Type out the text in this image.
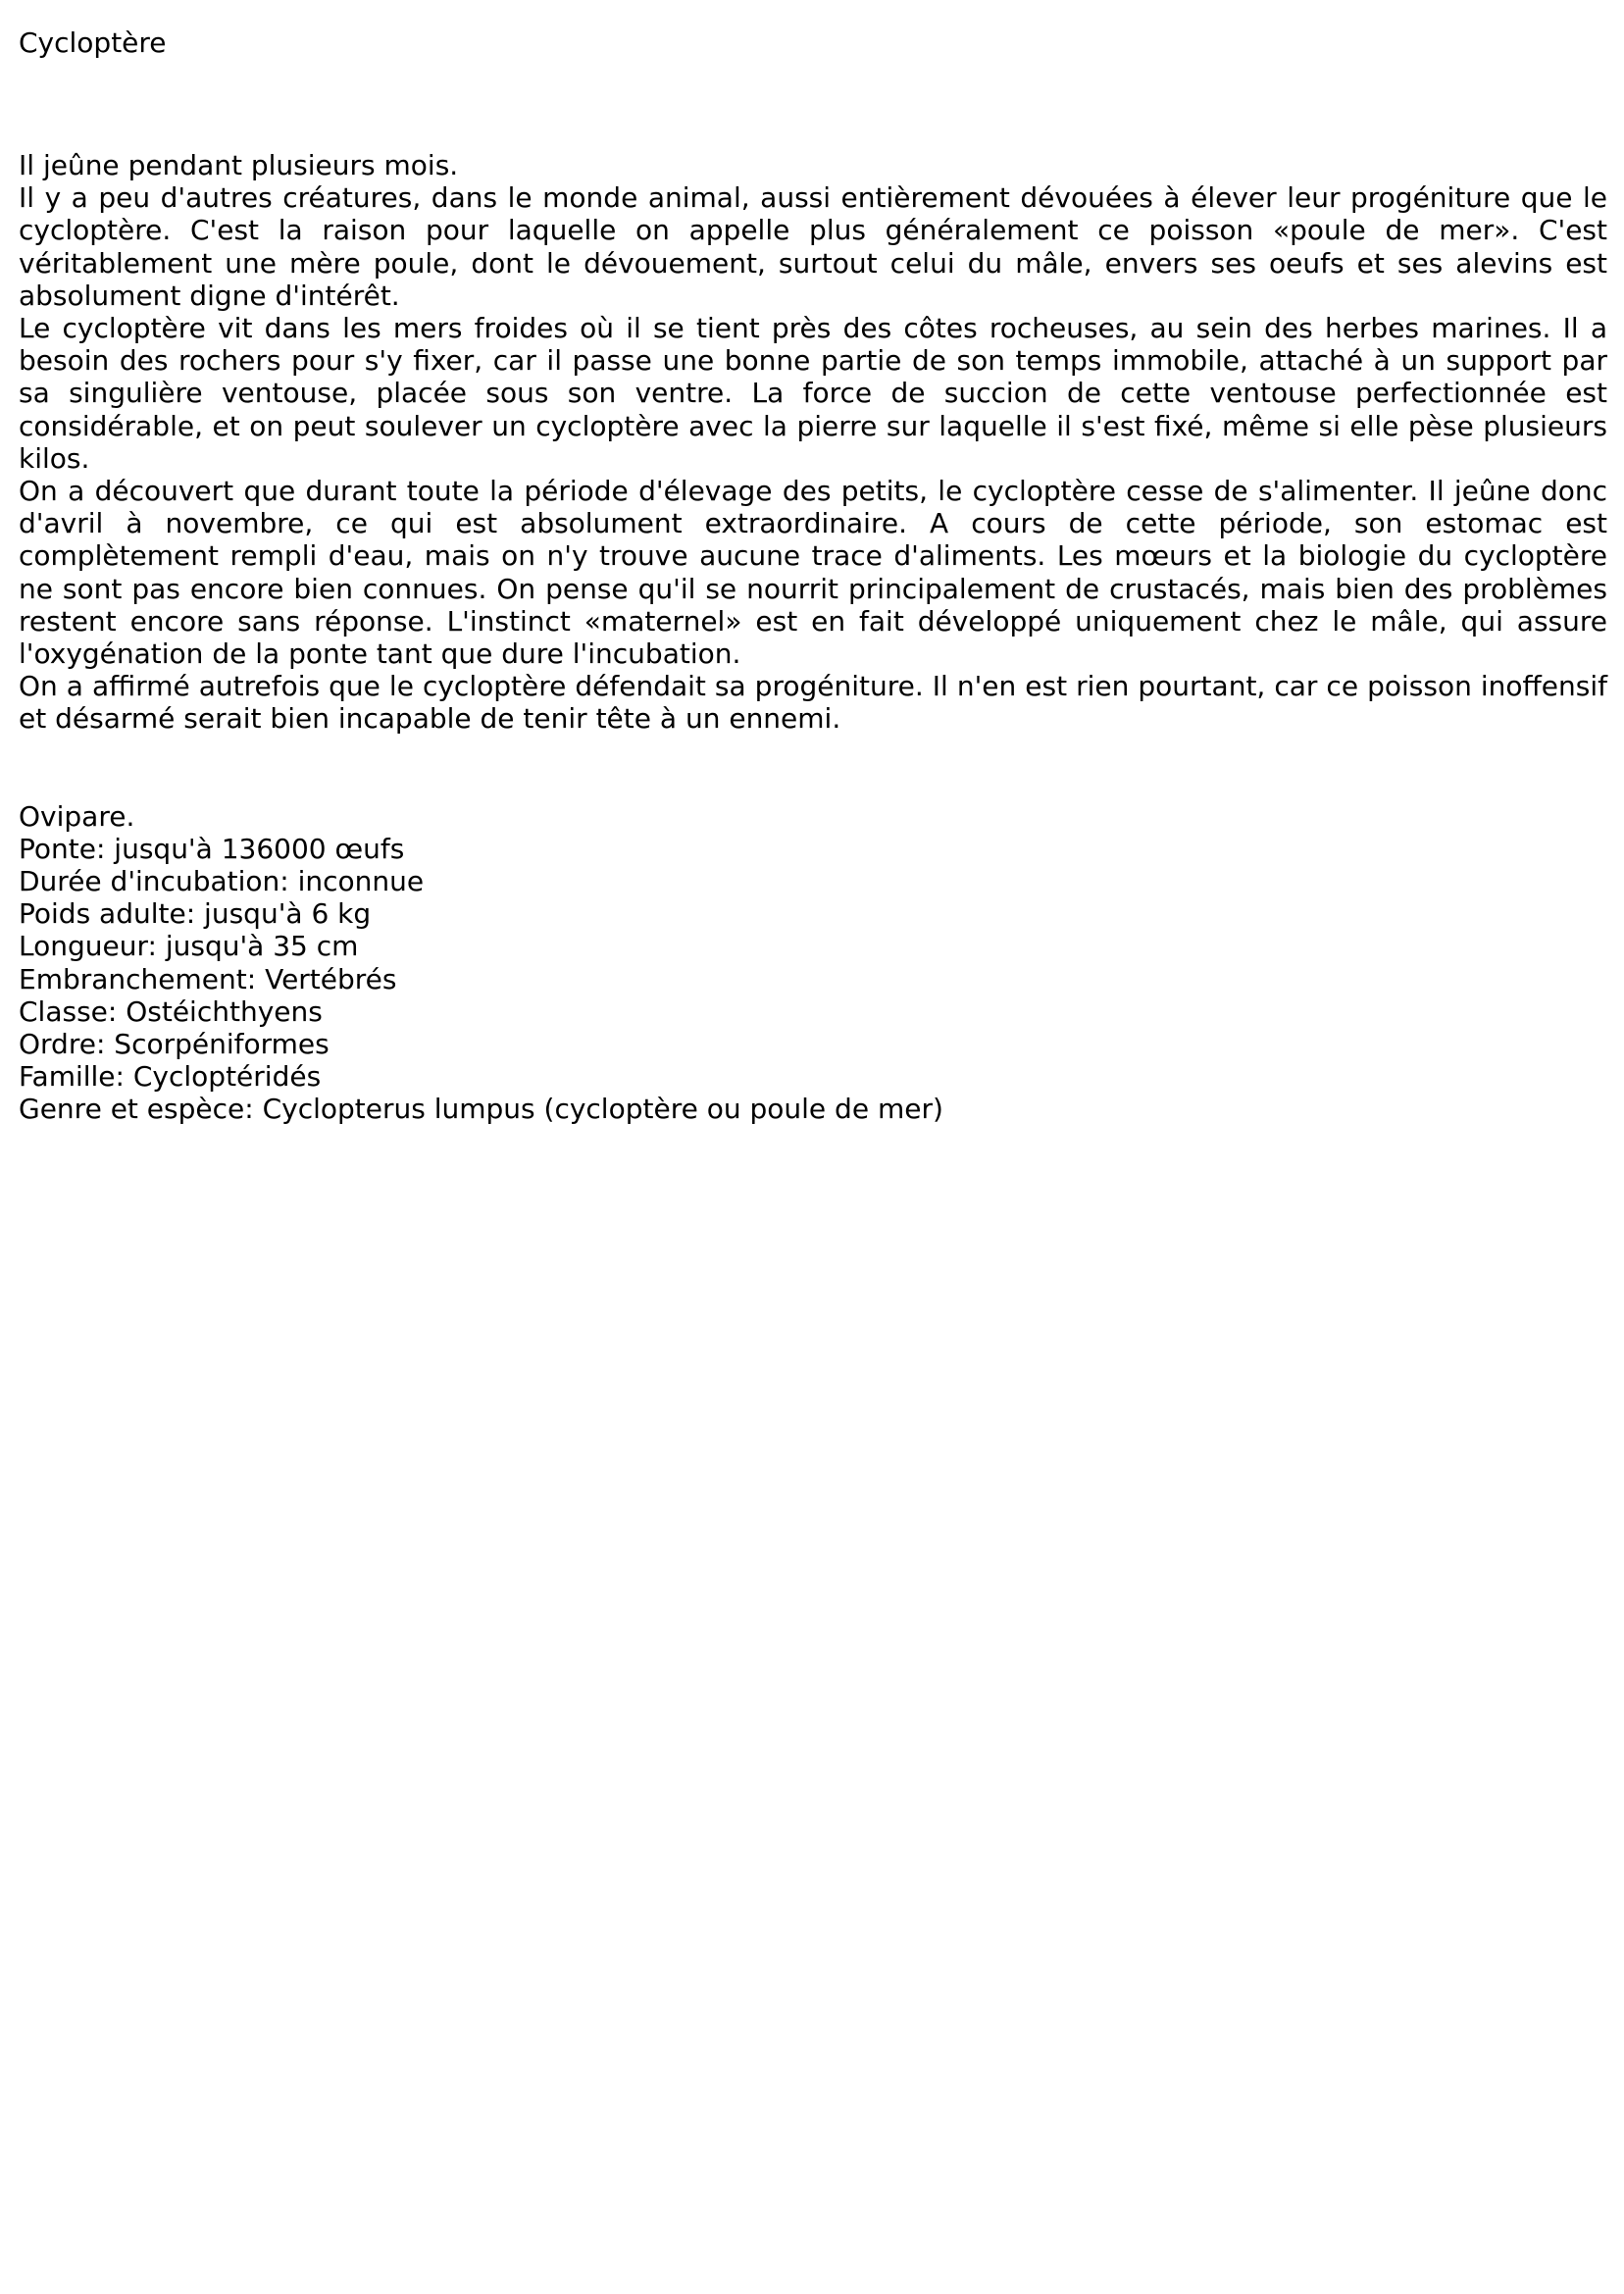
Cycloptère

Il jeûne pendant plusieurs mois.

Il y a peu d'autres créatures, dans le monde animal, aussi entièrement dévouées à élever leur progéniture que le cycloptère. C'est la raison pour laquelle on appelle plus généralement ce poisson «poule de mer». C'est véritablement une mère poule, dont le dévouement, surtout celui du mâle, envers ses oeufs et ses alevins est absolument digne d'intérêt.

Le cycloptère vit dans les mers froides où il se tient près des côtes rocheuses, au sein des herbes marines. Il a besoin des rochers pour s'y fixer, car il passe une bonne partie de son temps immobile, attaché à un support par sa singulière ventouse, placée sous son ventre. La force de succion de cette ventouse perfectionnée est considérable, et on peut soulever un cycloptère avec la pierre sur laquelle il s'est fixé, même si elle pèse plusieurs kilos.

On a découvert que durant toute la période d'élevage des petits, le cycloptère cesse de s'alimenter. Il jeûne donc d'avril à novembre, ce qui est absolument extraordinaire. A cours de cette période, son estomac est complètement rempli d'eau, mais on n'y trouve aucune trace d'aliments. Les mœurs et la biologie du cycloptère ne sont pas encore bien connues. On pense qu'il se nourrit principalement de crustacés, mais bien des problèmes restent encore sans réponse. L'instinct «maternel» est en fait développé uniquement chez le mâle, qui assure l'oxygénation de la ponte tant que dure l'incubation.

On a affirmé autrefois que le cycloptère défendait sa progéniture. Il n'en est rien pourtant, car ce poisson inoffensif et désarmé serait bien incapable de tenir tête à un ennemi.

Ovipare.

Ponte: jusqu'à 136000 œufs

Durée d'incubation: inconnue

Poids adulte: jusqu'à 6 kg

Longueur: jusqu'à 35 cm

Embranchement: Vertébrés

Classe: Ostéichthyens

Ordre: Scorpéniformes

Famille: Cycloptéridés

Genre et espèce: Cyclopterus lumpus (cycloptère ou poule de mer)
